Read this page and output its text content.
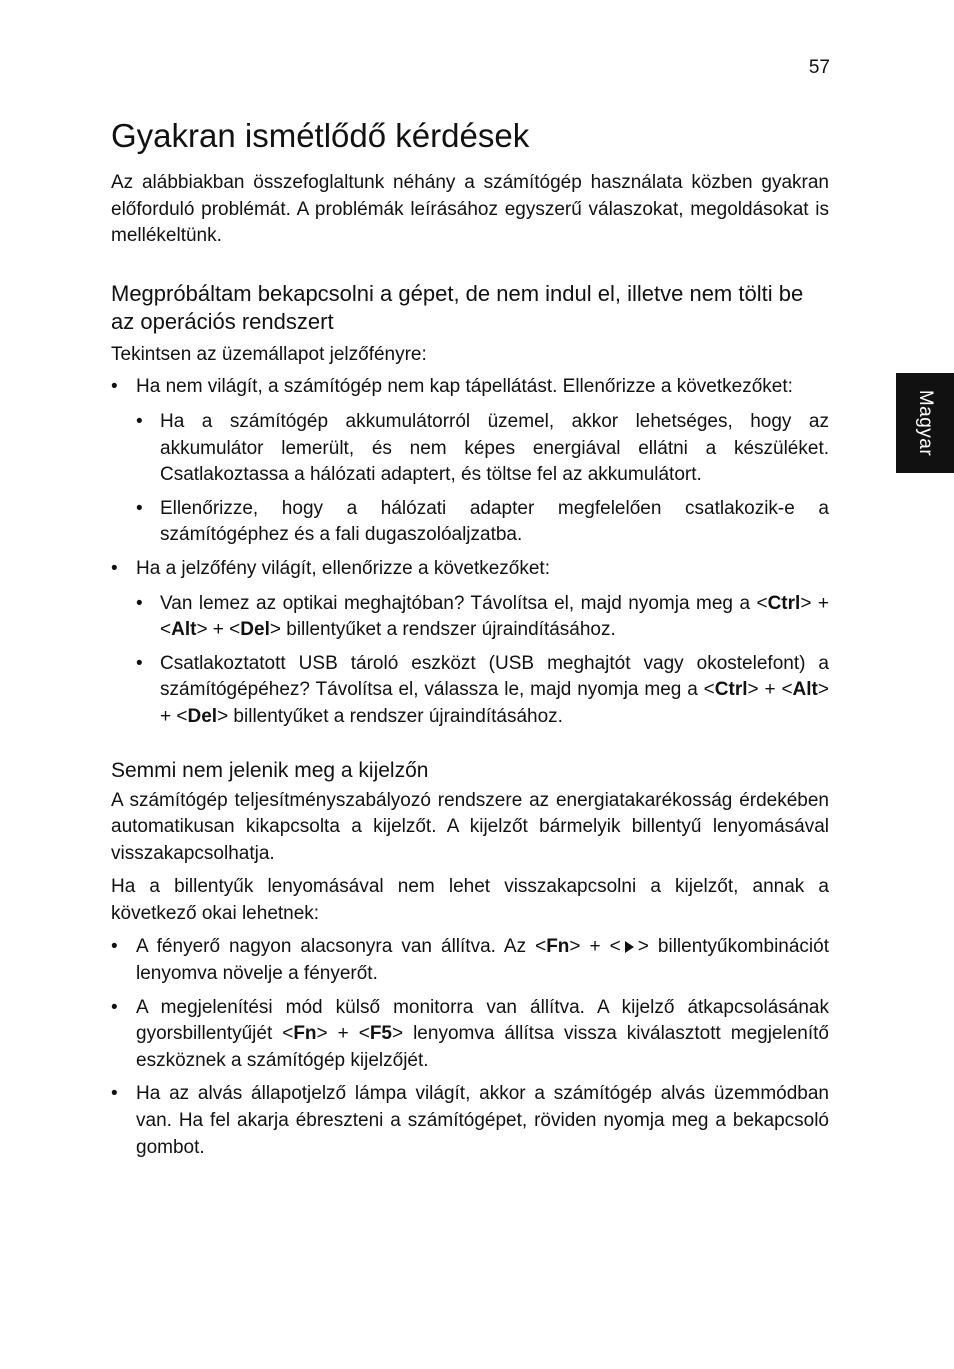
57
Magyar
Gyakran ismétlődő kérdések

Az alábbiakban összefoglaltunk néhány a számítógép használata közben gyakran előforduló problémát. A problémák leírásához egyszerű válaszokat, megoldásokat is mellékeltünk.

Megpróbáltam bekapcsolni a gépet, de nem indul el, illetve nem tölti be az operációs rendszert

Tekintsen az üzemállapot jelzőfényre:

• Ha nem világít, a számítógép nem kap tápellátást. Ellenőrizze a következőket:
• Ha a számítógép akkumulátorról üzemel, akkor lehetséges, hogy az akkumulátor lemerült, és nem képes energiával ellátni a készüléket. Csatlakoztassa a hálózati adaptert, és töltse fel az akkumulátort.
• Ellenőrizze, hogy a hálózati adapter megfelelően csatlakozik-e a számítógéphez és a fali dugaszolóaljzatba.
• Ha a jelzőfény világít, ellenőrizze a következőket:
• Van lemez az optikai meghajtóban? Távolítsa el, majd nyomja meg a <Ctrl> + <Alt> + <Del> billentyűket a rendszer újraindításához.
• Csatlakoztatott USB tároló eszközt (USB meghajtót vagy okostelefont) a számítógépéhez? Távolítsa el, válassza le, majd nyomja meg a <Ctrl> + <Alt> + <Del> billentyűket a rendszer újraindításához.
Semmi nem jelenik meg a kijelzőn

A számítógép teljesítményszabályozó rendszere az energiatakarékosság érdekében automatikusan kikapcsolta a kijelzőt. A kijelzőt bármelyik billentyű lenyomásával visszakapcsolhatja.

Ha a billentyűk lenyomásával nem lehet visszakapcsolni a kijelzőt, annak a következő okai lehetnek:

• A fényerő nagyon alacsonyra van állítva. Az <Fn> + < > billentyűkombinációt lenyomva növelje a fényerőt.
• A megjelenítési mód külső monitorra van állítva. A kijelző átkapcsolásának gyorsbillentyűjét <Fn> + <F5> lenyomva állítsa vissza kiválasztott megjelenítő eszköznek a számítógép kijelzőjét.
• Ha az alvás állapotjelző lámpa világít, akkor a számítógép alvás üzemmódban van. Ha fel akarja ébreszteni a számítógépet, röviden nyomja meg a bekapcsoló gombot.
